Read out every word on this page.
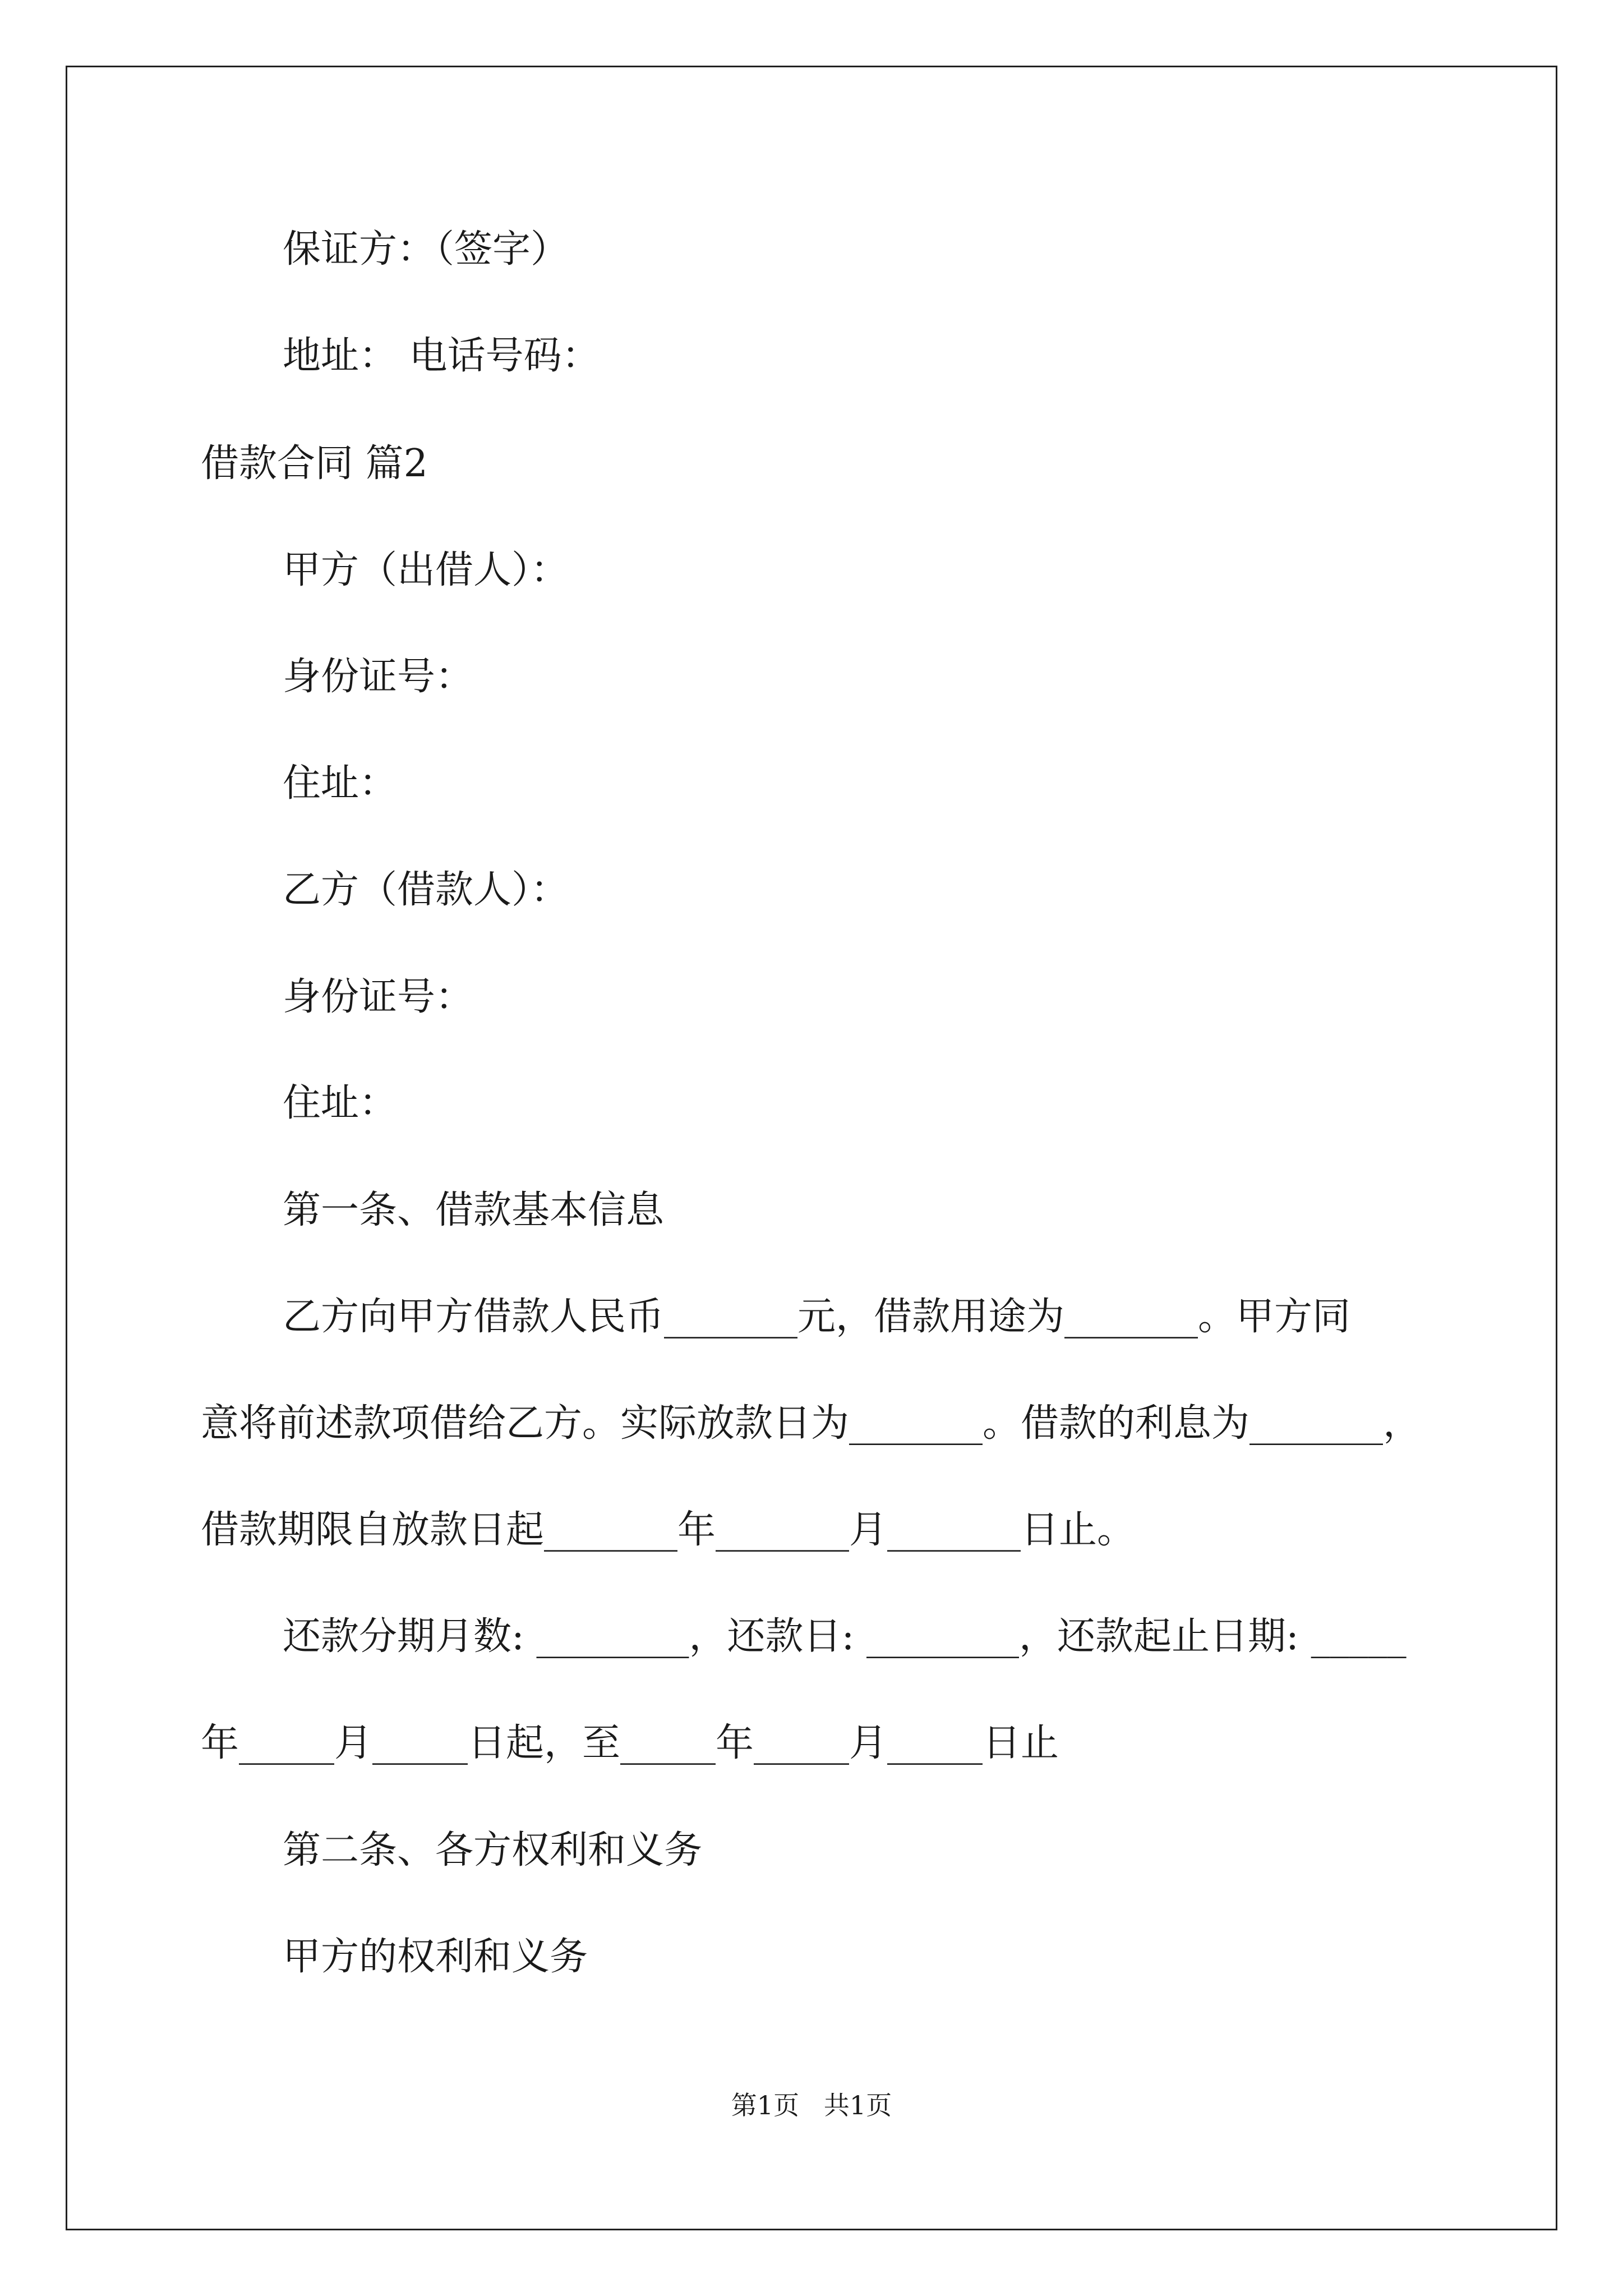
保证方：（签字）
地址： 电话号码：
借款合同 篇2
甲方（出借人）：
身份证号：
住址：
乙方（借款人）：
身份证号：
住址：
第一条、借款基本信息
乙方向甲方借款人民币_______元，借款用途为_______。甲方同
意将前述款项借给乙方。实际放款日为_______。借款的利息为_______，
借款期限自放款日起_______年_______月_______日止。
还款分期月数: ________，还款日: ________，还款起止日期: _____
年_____月_____日起，至_____年_____月_____日止
第二条、各方权利和义务
甲方的权利和义务
第1页   共1页
